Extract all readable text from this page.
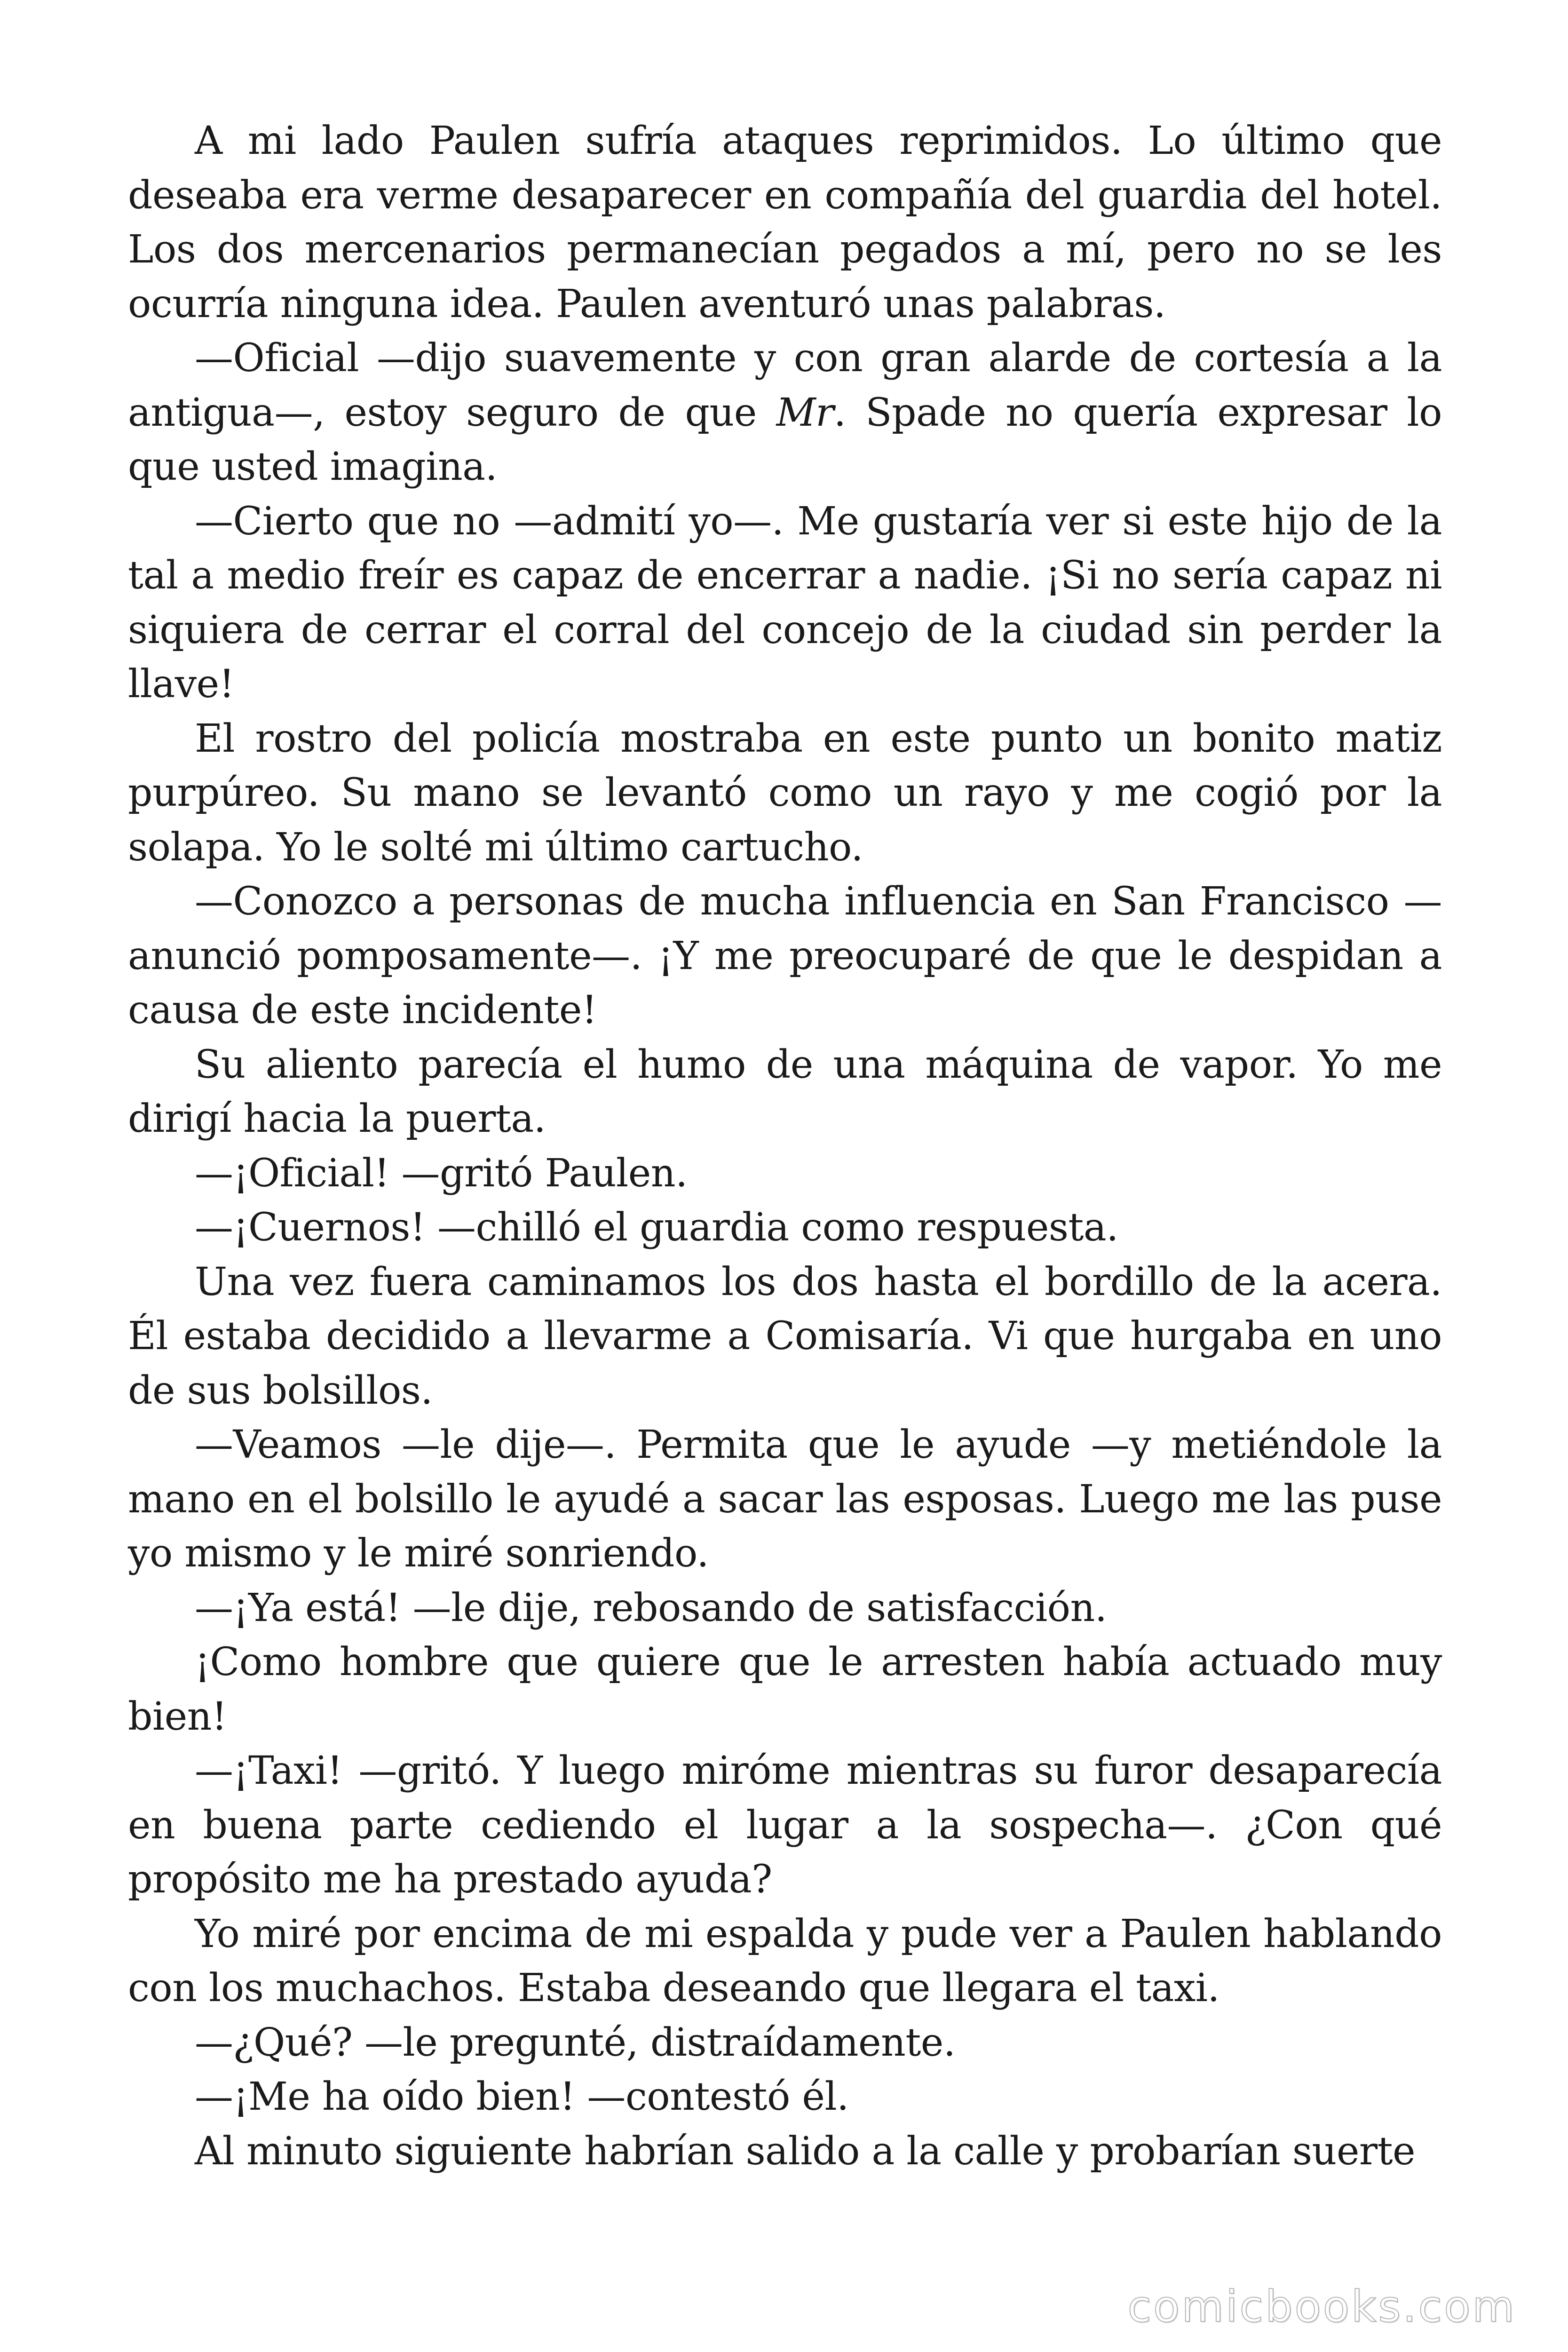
A mi lado Paulen sufría ataques reprimidos. Lo último que deseaba era verme desaparecer en compañía del guardia del hotel. Los dos mercenarios permanecían pegados a mí, pero no se les ocurría ninguna idea. Paulen aventuró unas palabras.

—Oficial —dijo suavemente y con gran alarde de cortesía a la antigua—, estoy seguro de que Mr. Spade no quería expresar lo que usted imagina.

—Cierto que no —admití yo—. Me gustaría ver si este hijo de la tal a medio freír es capaz de encerrar a nadie. ¡Si no sería capaz ni siquiera de cerrar el corral del concejo de la ciudad sin perder la llave!

El rostro del policía mostraba en este punto un bonito matiz purpúreo. Su mano se levantó como un rayo y me cogió por la solapa. Yo le solté mi último cartucho.

—Conozco a personas de mucha influencia en San Francisco —anunció pomposamente—. ¡Y me preocuparé de que le despidan a causa de este incidente!

Su aliento parecía el humo de una máquina de vapor. Yo me dirigí hacia la puerta.

—¡Oficial! —gritó Paulen.

—¡Cuernos! —chilló el guardia como respuesta.

Una vez fuera caminamos los dos hasta el bordillo de la acera. Él estaba decidido a llevarme a Comisaría. Vi que hurgaba en uno de sus bolsillos.

—Veamos —le dije—. Permita que le ayude —y metiéndole la mano en el bolsillo le ayudé a sacar las esposas. Luego me las puse yo mismo y le miré sonriendo.

—¡Ya está! —le dije, rebosando de satisfacción.

¡Como hombre que quiere que le arresten había actuado muy bien!

—¡Taxi! —gritó. Y luego miróme mientras su furor desaparecía en buena parte cediendo el lugar a la sospecha—. ¿Con qué propósito me ha prestado ayuda?

Yo miré por encima de mi espalda y pude ver a Paulen hablando con los muchachos. Estaba deseando que llegara el taxi.

—¿Qué? —le pregunté, distraídamente.

—¡Me ha oído bien! —contestó él.

Al minuto siguiente habrían salido a la calle y probarían suerte

comicbooks.com
